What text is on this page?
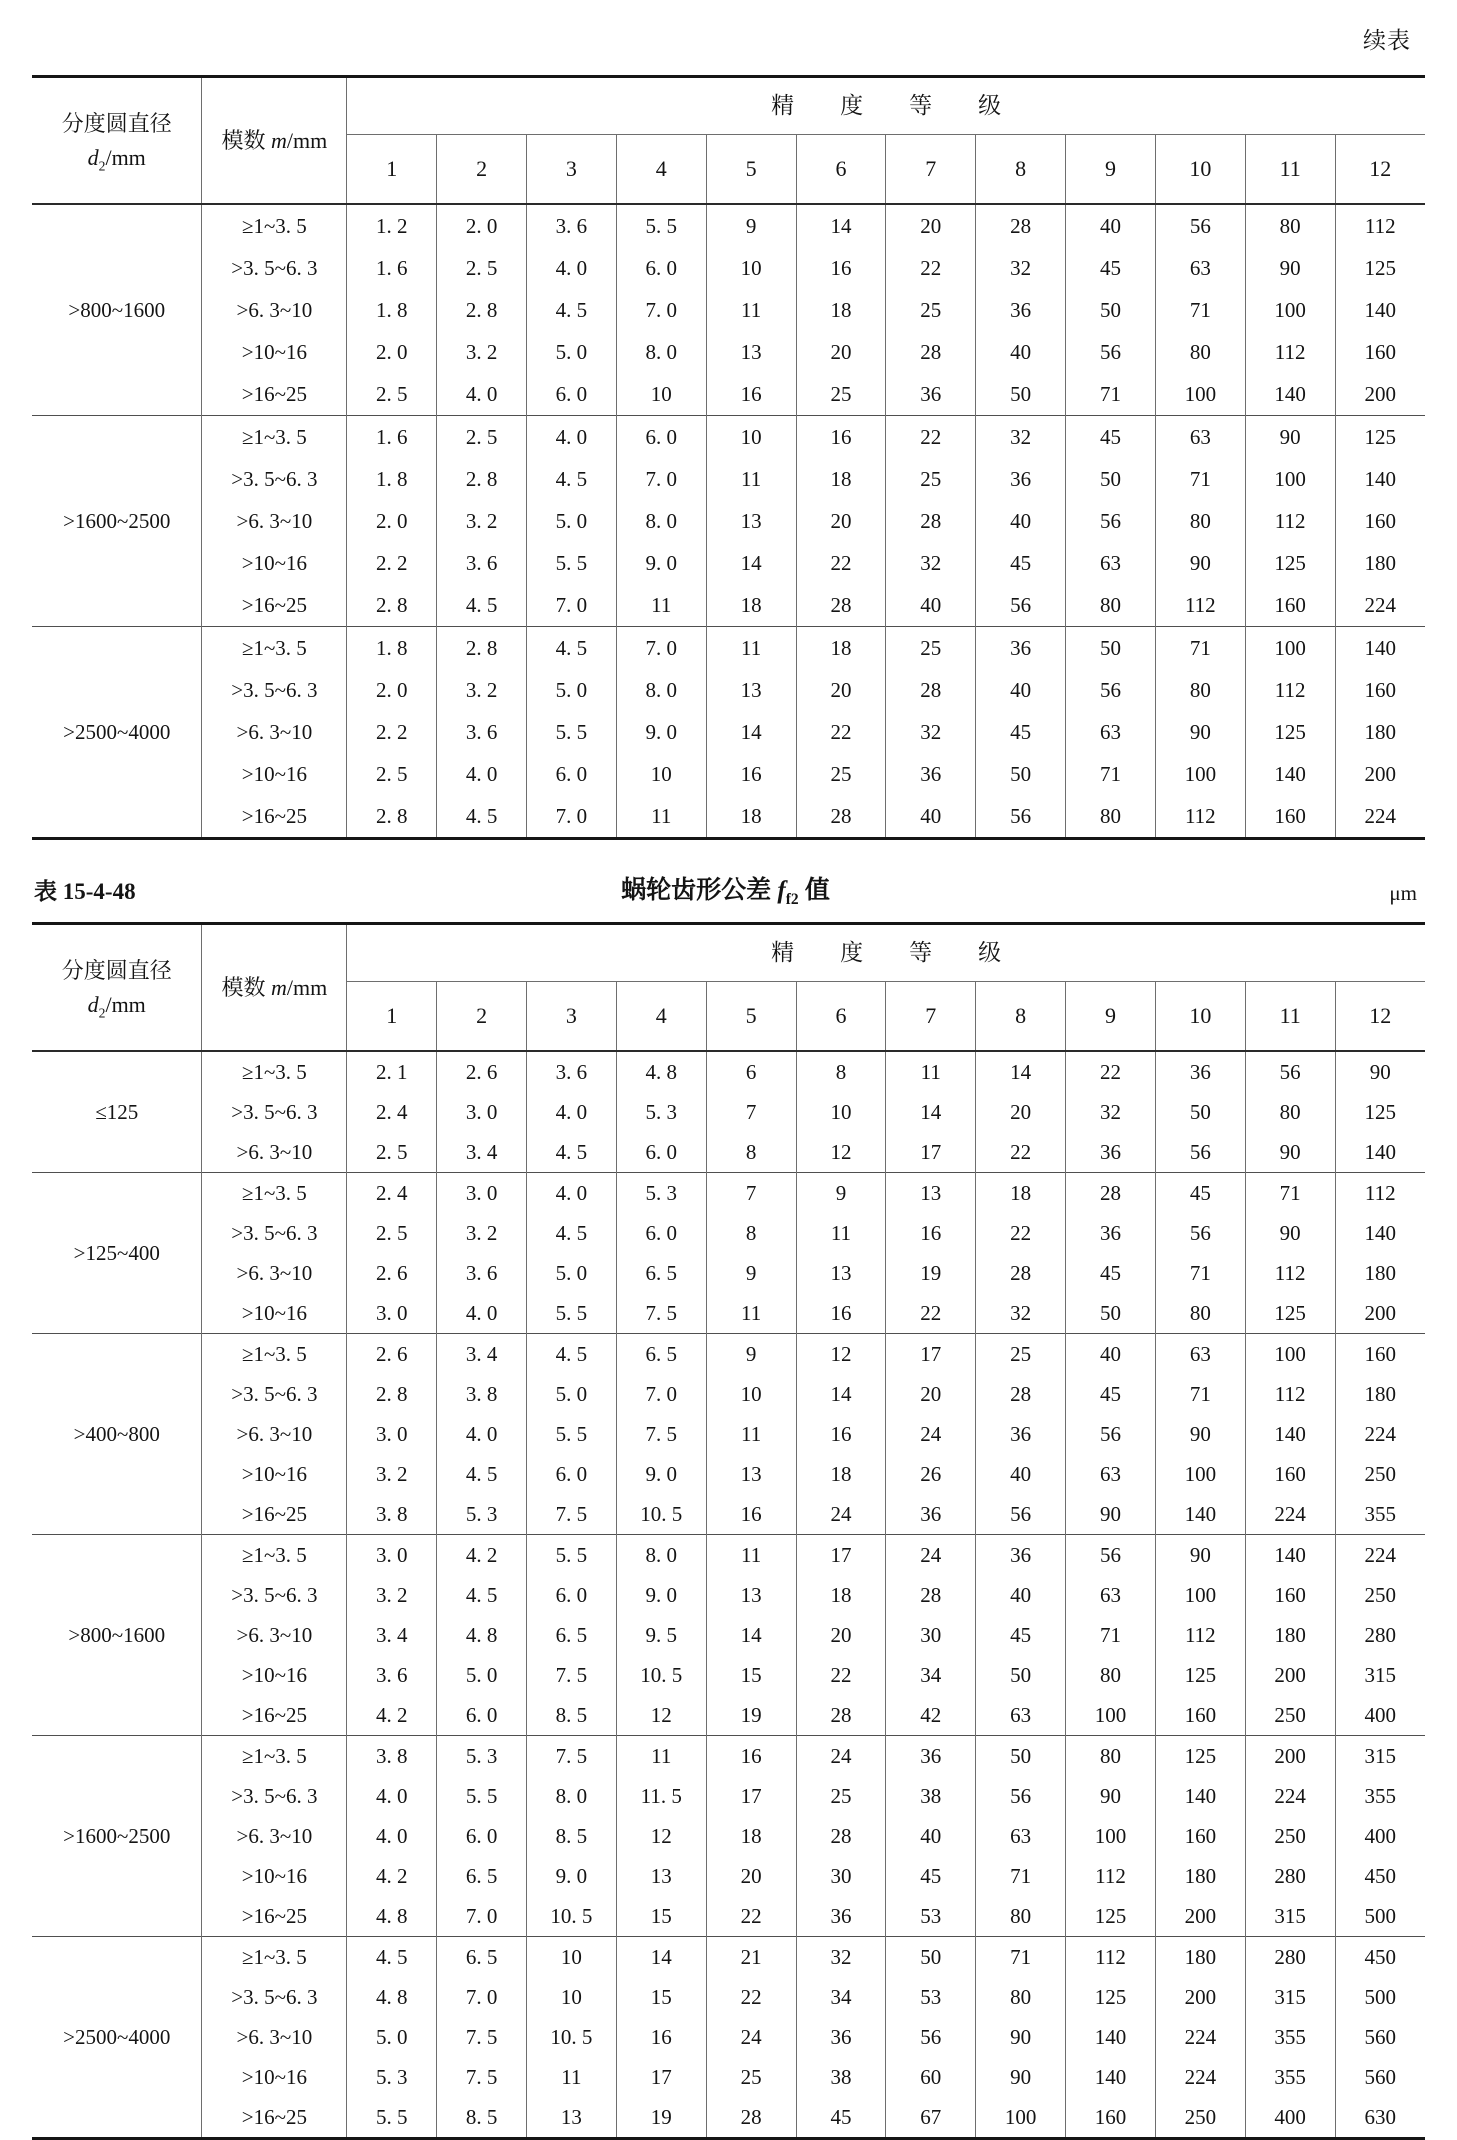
续表
分度圆直径
$d_2/mm$	模数 m/mm	精　　度　　等　　级											
		1	2	3	4	5	6	7	8	9	10	11	12
>800~1600	≥1~3. 5	1. 2	2. 0	3. 6	5. 5	9	14	20	28	40	56	80	112
	>3. 5~6. 3	1. 6	2. 5	4. 0	6. 0	10	16	22	32	45	63	90	125
	>6. 3~10	1. 8	2. 8	4. 5	7. 0	11	18	25	36	50	71	100	140
	>10~16	2. 0	3. 2	5. 0	8. 0	13	20	28	40	56	80	112	160
	>16~25	2. 5	4. 0	6. 0	10	16	25	36	50	71	100	140	200
>1600~2500	≥1~3. 5	1. 6	2. 5	4. 0	6. 0	10	16	22	32	45	63	90	125
	>3. 5~6. 3	1. 8	2. 8	4. 5	7. 0	11	18	25	36	50	71	100	140
	>6. 3~10	2. 0	3. 2	5. 0	8. 0	13	20	28	40	56	80	112	160
	>10~16	2. 2	3. 6	5. 5	9. 0	14	22	32	45	63	90	125	180
	>16~25	2. 8	4. 5	7. 0	11	18	28	40	56	80	112	160	224
>2500~4000	≥1~3. 5	1. 8	2. 8	4. 5	7. 0	11	18	25	36	50	71	100	140
	>3. 5~6. 3	2. 0	3. 2	5. 0	8. 0	13	20	28	40	56	80	112	160
	>6. 3~10	2. 2	3. 6	5. 5	9. 0	14	22	32	45	63	90	125	180
	>10~16	2. 5	4. 0	6. 0	10	16	25	36	50	71	100	140	200
	>16~25	2. 8	4. 5	7. 0	11	18	28	40	56	80	112	160	224
表 15-4-48	蜗轮齿形公差 $f_{f2}$ 值	μm
分度圆直径
$d_2/mm$	模数 m/mm	精　　度　　等　　级											
		1	2	3	4	5	6	7	8	9	10	11	12
≤125	≥1~3. 5	2. 1	2. 6	3. 6	4. 8	6	8	11	14	22	36	56	90
	>3. 5~6. 3	2. 4	3. 0	4. 0	5. 3	7	10	14	20	32	50	80	125
	>6. 3~10	2. 5	3. 4	4. 5	6. 0	8	12	17	22	36	56	90	140
>125~400	≥1~3. 5	2. 4	3. 0	4. 0	5. 3	7	9	13	18	28	45	71	112
	>3. 5~6. 3	2. 5	3. 2	4. 5	6. 0	8	11	16	22	36	56	90	140
	>6. 3~10	2. 6	3. 6	5. 0	6. 5	9	13	19	28	45	71	112	180
	>10~16	3. 0	4. 0	5. 5	7. 5	11	16	22	32	50	80	125	200
>400~800	≥1~3. 5	2. 6	3. 4	4. 5	6. 5	9	12	17	25	40	63	100	160
	>3. 5~6. 3	2. 8	3. 8	5. 0	7. 0	10	14	20	28	45	71	112	180
	>6. 3~10	3. 0	4. 0	5. 5	7. 5	11	16	24	36	56	90	140	224
	>10~16	3. 2	4. 5	6. 0	9. 0	13	18	26	40	63	100	160	250
	>16~25	3. 8	5. 3	7. 5	10. 5	16	24	36	56	90	140	224	355
>800~1600	≥1~3. 5	3. 0	4. 2	5. 5	8. 0	11	17	24	36	56	90	140	224
	>3. 5~6. 3	3. 2	4. 5	6. 0	9. 0	13	18	28	40	63	100	160	250
	>6. 3~10	3. 4	4. 8	6. 5	9. 5	14	20	30	45	71	112	180	280
	>10~16	3. 6	5. 0	7. 5	10. 5	15	22	34	50	80	125	200	315
	>16~25	4. 2	6. 0	8. 5	12	19	28	42	63	100	160	250	400
>1600~2500	≥1~3. 5	3. 8	5. 3	7. 5	11	16	24	36	50	80	125	200	315
	>3. 5~6. 3	4. 0	5. 5	8. 0	11. 5	17	25	38	56	90	140	224	355
	>6. 3~10	4. 0	6. 0	8. 5	12	18	28	40	63	100	160	250	400
	>10~16	4. 2	6. 5	9. 0	13	20	30	45	71	112	180	280	450
	>16~25	4. 8	7. 0	10. 5	15	22	36	53	80	125	200	315	500
>2500~4000	≥1~3. 5	4. 5	6. 5	10	14	21	32	50	71	112	180	280	450
	>3. 5~6. 3	4. 8	7. 0	10	15	22	34	53	80	125	200	315	500
	>6. 3~10	5. 0	7. 5	10. 5	16	24	36	56	90	140	224	355	560
	>10~16	5. 3	7. 5	11	17	25	38	60	90	140	224	355	560
	>16~25	5. 5	8. 5	13	19	28	45	67	100	160	250	400	630
